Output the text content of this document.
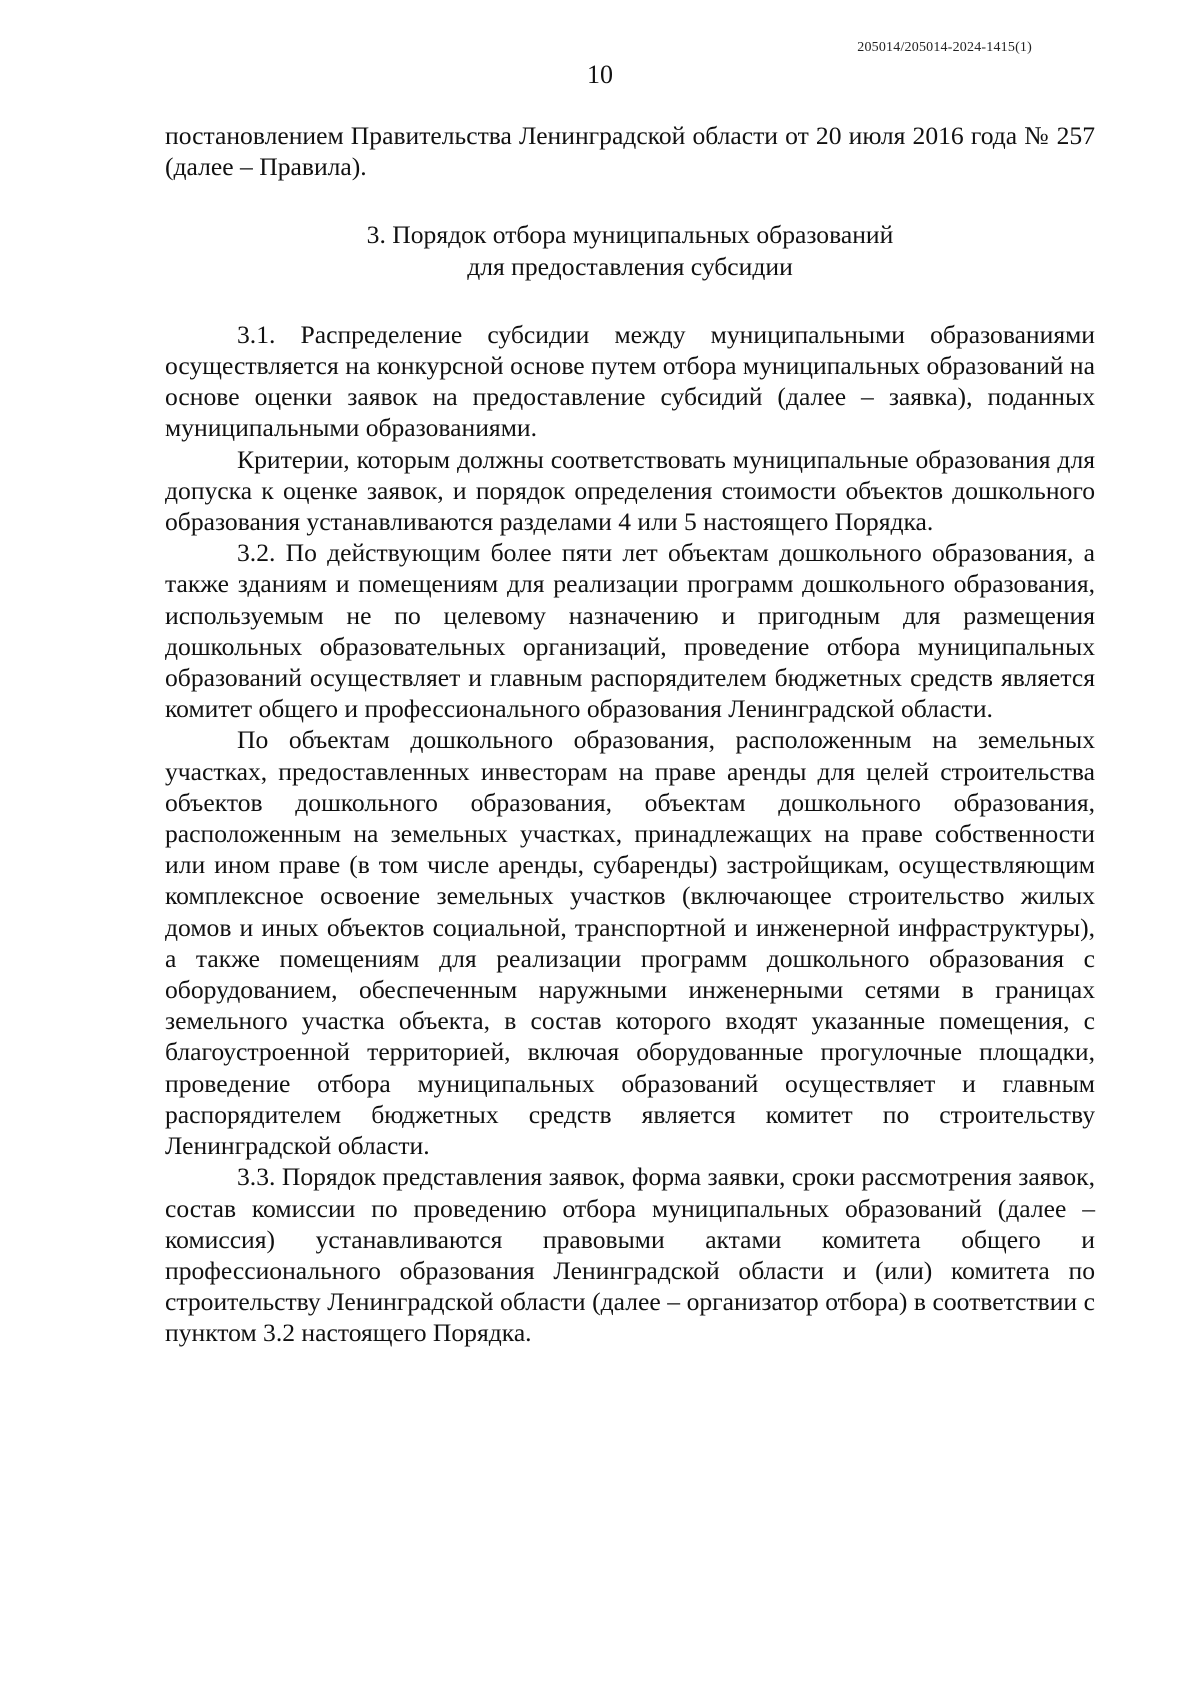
205014/205014-2024-1415(1)
10

постановлением Правительства Ленинградской области от 20 июля 2016 года № 257 (далее – Правила).

3. Порядок отбора муниципальных образований
для предоставления субсидии

3.1. Распределение субсидии между муниципальными образованиями осуществляется на конкурсной основе путем отбора муниципальных образований на основе оценки заявок на предоставление субсидий (далее – заявка), поданных муниципальными образованиями.

Критерии, которым должны соответствовать муниципальные образования для допуска к оценке заявок, и порядок определения стоимости объектов дошкольного образования устанавливаются разделами 4 или 5 настоящего Порядка.

3.2. По действующим более пяти лет объектам дошкольного образования, а также зданиям и помещениям для реализации программ дошкольного образования, используемым не по целевому назначению и пригодным для размещения дошкольных образовательных организаций, проведение отбора муниципальных образований осуществляет и главным распорядителем бюджетных средств является комитет общего и профессионального образования Ленинградской области.

По объектам дошкольного образования, расположенным на земельных участках, предоставленных инвесторам на праве аренды для целей строительства объектов дошкольного образования, объектам дошкольного образования, расположенным на земельных участках, принадлежащих на праве собственности или ином праве (в том числе аренды, субаренды) застройщикам, осуществляющим комплексное освоение земельных участков (включающее строительство жилых домов и иных объектов социальной, транспортной и инженерной инфраструктуры), а также помещениям для реализации программ дошкольного образования с оборудованием, обеспеченным наружными инженерными сетями в границах земельного участка объекта, в состав которого входят указанные помещения, с благоустроенной территорией, включая оборудованные прогулочные площадки, проведение отбора муниципальных образований осуществляет и главным распорядителем бюджетных средств является комитет по строительству Ленинградской области.

3.3. Порядок представления заявок, форма заявки, сроки рассмотрения заявок, состав комиссии по проведению отбора муниципальных образований (далее – комиссия) устанавливаются правовыми актами комитета общего и профессионального образования Ленинградской области и (или) комитета по строительству Ленинградской области (далее – организатор отбора) в соответствии с пунктом 3.2 настоящего Порядка.
